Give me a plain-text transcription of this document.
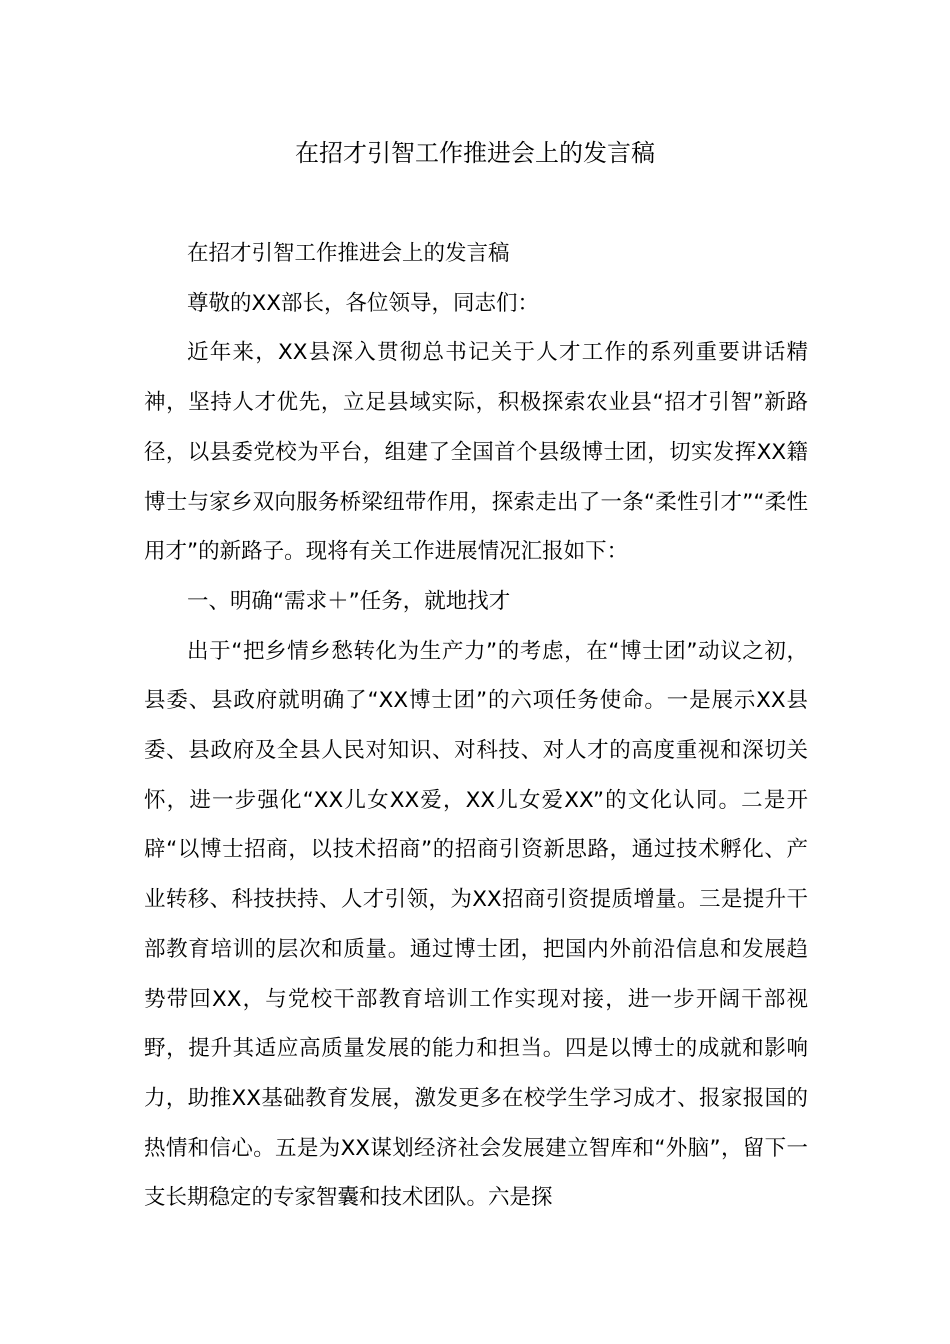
在招才引智工作推进会上的发言稿

在招才引智工作推进会上的发言稿

尊敬的XX部长，各位领导，同志们：

近年来，XX县深入贯彻总书记关于人才工作的系列重要讲话精神，坚持人才优先，立足县域实际，积极探索农业县“招才引智”新路径，以县委党校为平台，组建了全国首个县级博士团，切实发挥XX籍博士与家乡双向服务桥梁纽带作用，探索走出了一条“柔性引才”“柔性用才”的新路子。现将有关工作进展情况汇报如下：

一、明确“需求＋”任务，就地找才

出于“把乡情乡愁转化为生产力”的考虑，在“博士团”动议之初，县委、县政府就明确了“XX博士团”的六项任务使命。一是展示XX县委、县政府及全县人民对知识、对科技、对人才的高度重视和深切关怀，进一步强化“XX儿女XX爱，XX儿女爱XX”的文化认同。二是开辟“以博士招商，以技术招商”的招商引资新思路，通过技术孵化、产业转移、科技扶持、人才引领，为XX招商引资提质增量。三是提升干部教育培训的层次和质量。通过博士团，把国内外前沿信息和发展趋势带回XX，与党校干部教育培训工作实现对接，进一步开阔干部视野，提升其适应高质量发展的能力和担当。四是以博士的成就和影响力，助推XX基础教育发展，激发更多在校学生学习成才、报家报国的热情和信心。五是为XX谋划经济社会发展建立智库和“外脑”，留下一支长期稳定的专家智囊和技术团队。六是探
